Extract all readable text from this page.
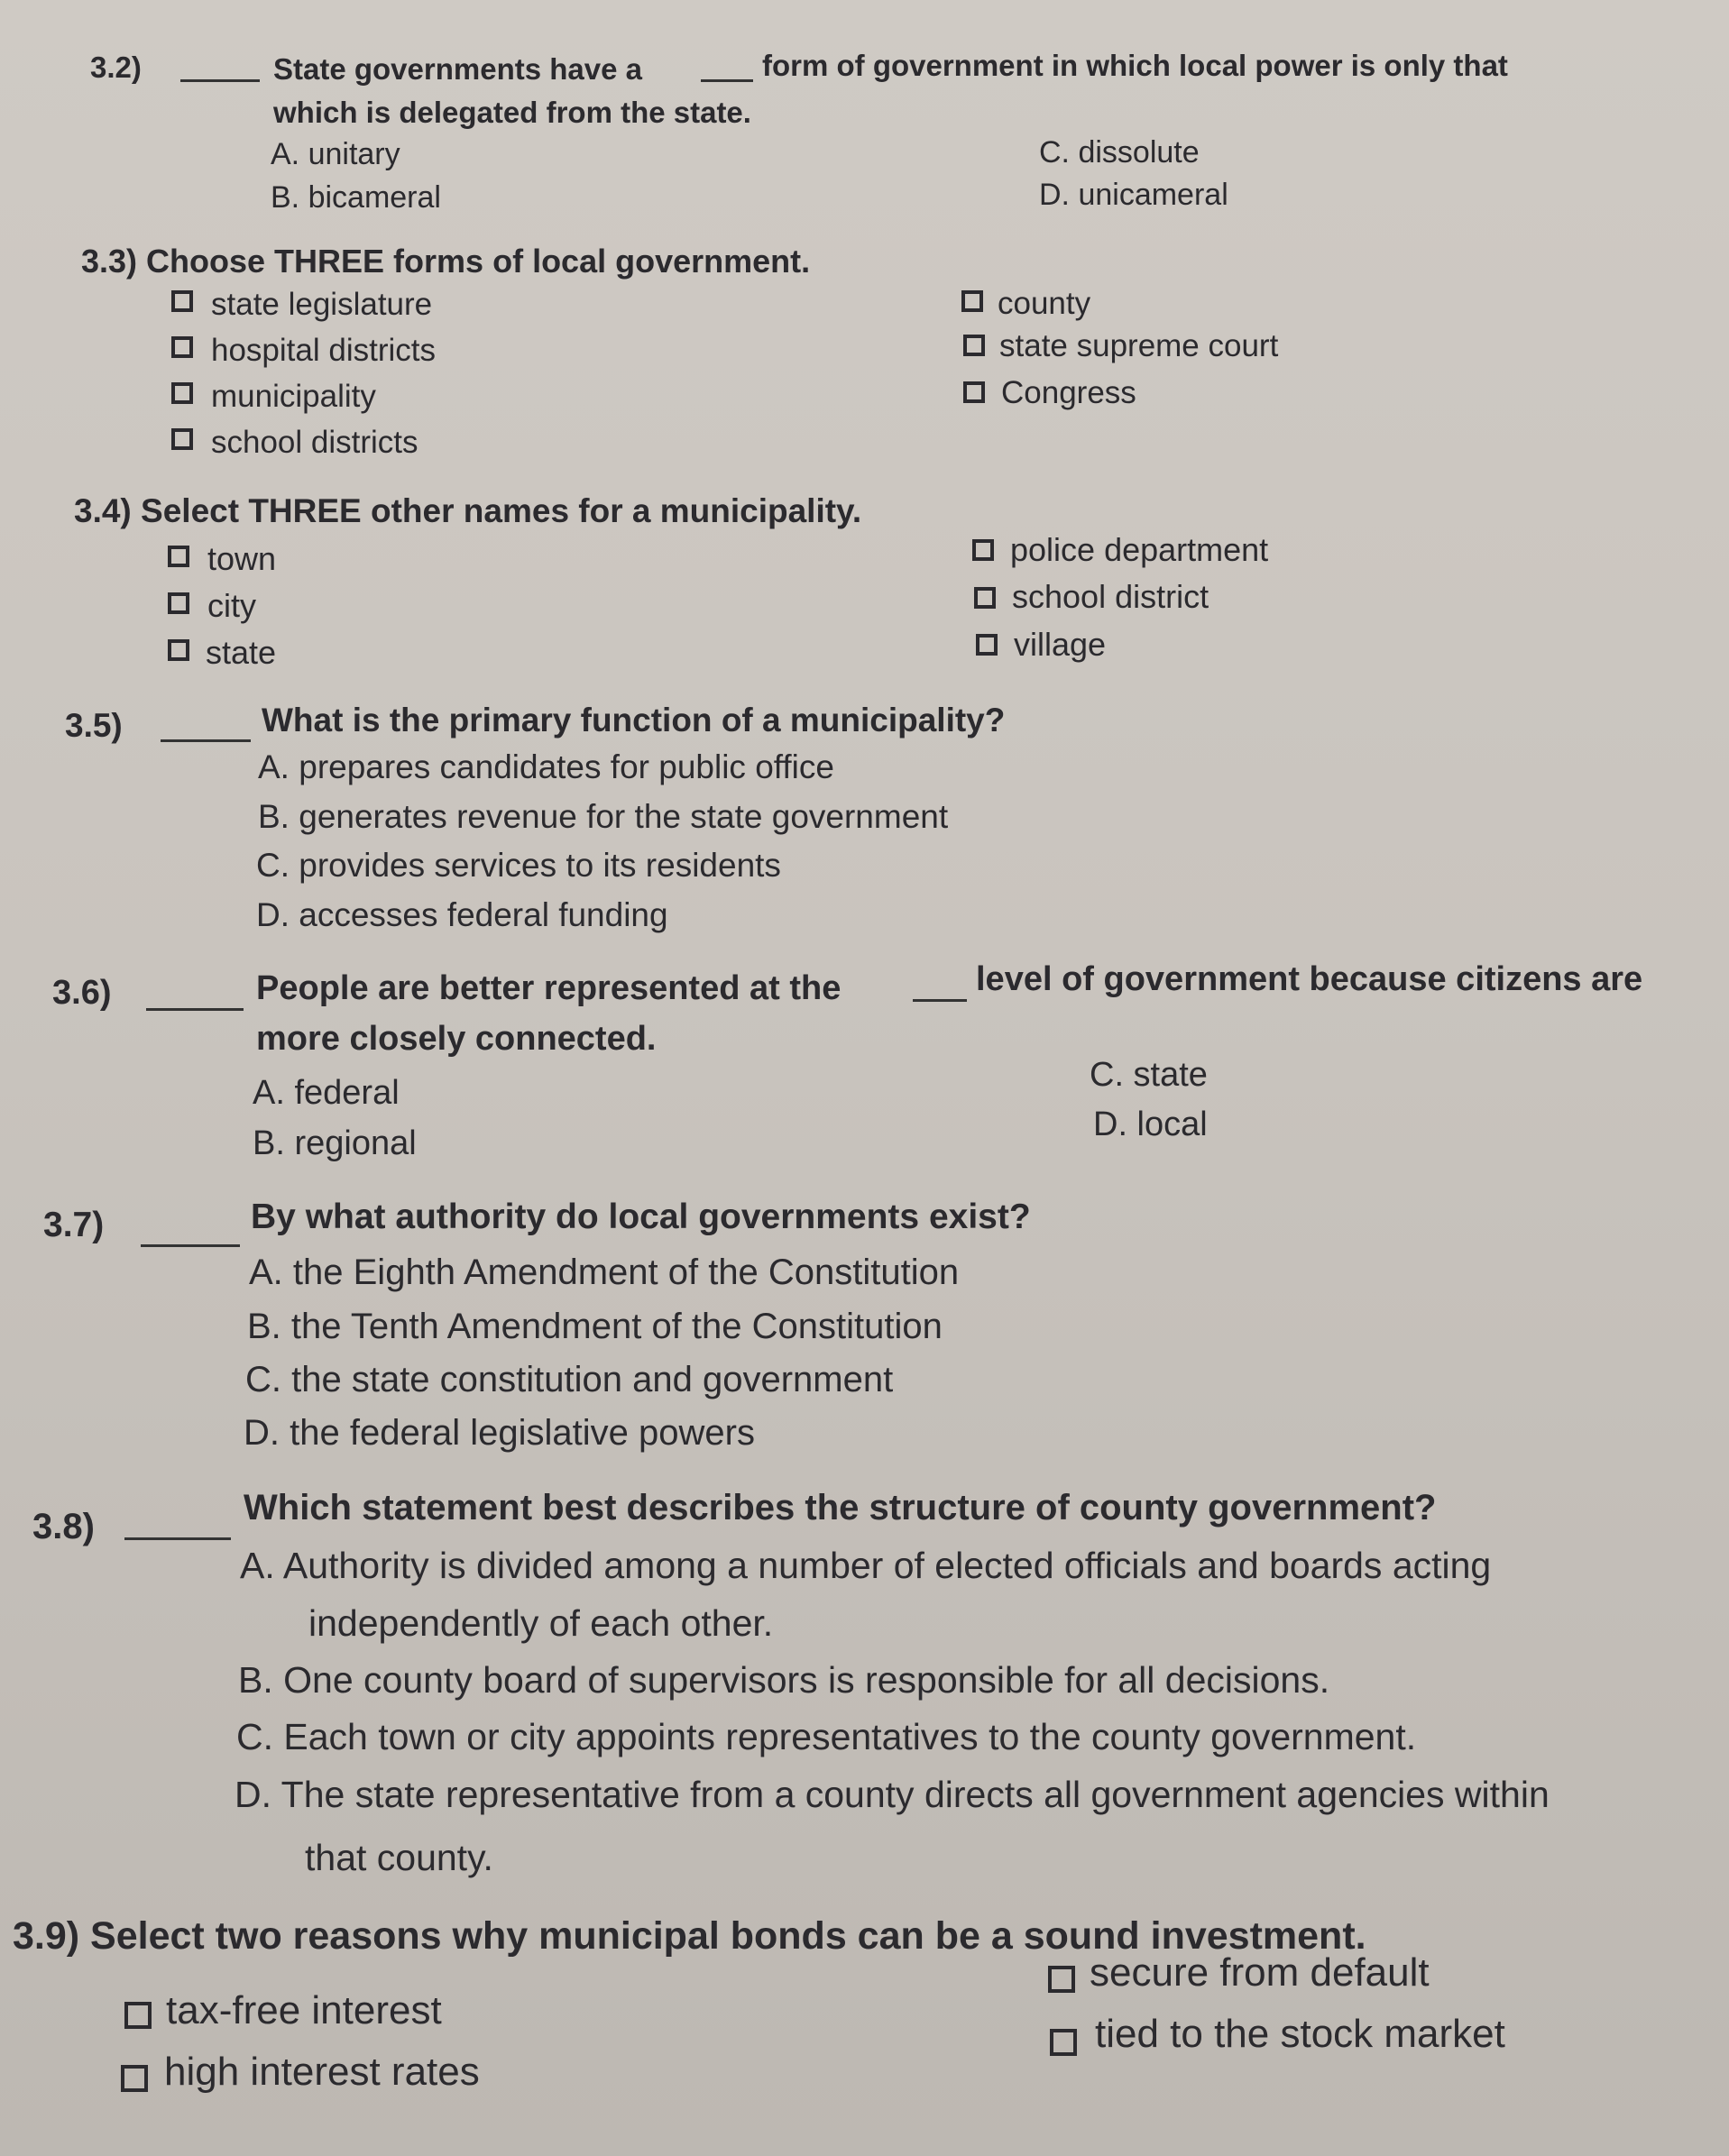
3.2)	State governments have a	form of government in which local power is only that
which is delegated from the state.
A. unitary
B. bicameral
C. dissolute
D. unicameral
3.3) Choose THREE forms of local government.
state legislature
hospital districts
municipality
school districts
county
state supreme court
Congress
3.4) Select THREE other names for a municipality.
town
city
state
police department
school district
village
3.5)	What is the primary function of a municipality?
A. prepares candidates for public office
B. generates revenue for the state government
C. provides services to its residents
D. accesses federal funding
3.6)	People are better represented at the	level of government because citizens are
more closely connected.
A. federal
B. regional
C. state
D. local
3.7)	By what authority do local governments exist?
A. the Eighth Amendment of the Constitution
B. the Tenth Amendment of the Constitution
C. the state constitution and government
D. the federal legislative powers
3.8)	Which statement best describes the structure of county government?
A. Authority is divided among a number of elected officials and boards acting
independently of each other.
B. One county board of supervisors is responsible for all decisions.
C. Each town or city appoints representatives to the county government.
D. The state representative from a county directs all government agencies within
that county.
3.9) Select two reasons why municipal bonds can be a sound investment.
tax-free interest
high interest rates
secure from default
tied to the stock market
